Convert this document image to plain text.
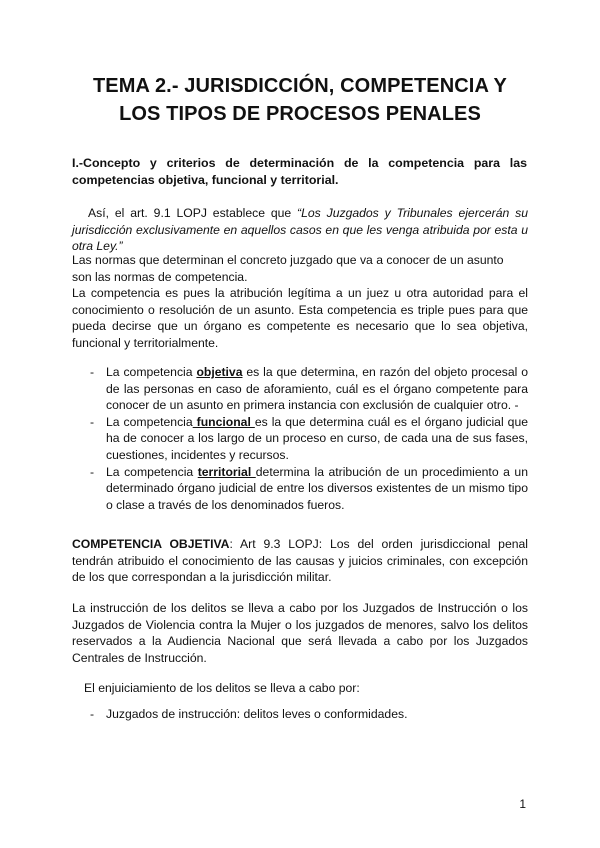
TEMA 2.- JURISDICCIÓN, COMPETENCIA Y
LOS TIPOS DE PROCESOS PENALES

I.-Concepto y criterios de determinación de la competencia para las competencias objetiva, funcional y territorial.

Así, el art. 9.1 LOPJ establece que “Los Juzgados y Tribunales ejercerán su jurisdicción exclusivamente en aquellos casos en que les venga atribuida por esta u otra Ley.”

Las normas que determinan el concreto juzgado que va a conocer de un asunto
son las normas de competencia.

La competencia es pues la atribución legítima a un juez u otra autoridad para el conocimiento o resolución de un asunto. Esta competencia es triple pues para que pueda decirse que un órgano es competente es necesario que lo sea objetiva, funcional y territorialmente.

- La competencia objetiva es la que determina, en razón del objeto procesal o de las personas en caso de aforamiento, cuál es el órgano competente para conocer de un asunto en primera instancia con exclusión de cualquier otro. -
- La competencia funcional es la que determina cuál es el órgano judicial que ha de conocer a los largo de un proceso en curso, de cada una de sus fases, cuestiones, incidentes y recursos.
- La competencia territorial determina la atribución de un procedimiento a un determinado órgano judicial de entre los diversos existentes de un mismo tipo o clase a través de los denominados fueros.

COMPETENCIA OBJETIVA: Art 9.3 LOPJ: Los del orden jurisdiccional penal tendrán atribuido el conocimiento de las causas y juicios criminales, con excepción de los que correspondan a la jurisdicción militar.

La instrucción de los delitos se lleva a cabo por los Juzgados de Instrucción o los Juzgados de Violencia contra la Mujer o los juzgados de menores, salvo los delitos reservados a la Audiencia Nacional que será llevada a cabo por los Juzgados Centrales de Instrucción.

El enjuiciamiento de los delitos se lleva a cabo por:

- Juzgados de instrucción: delitos leves o conformidades.
1
